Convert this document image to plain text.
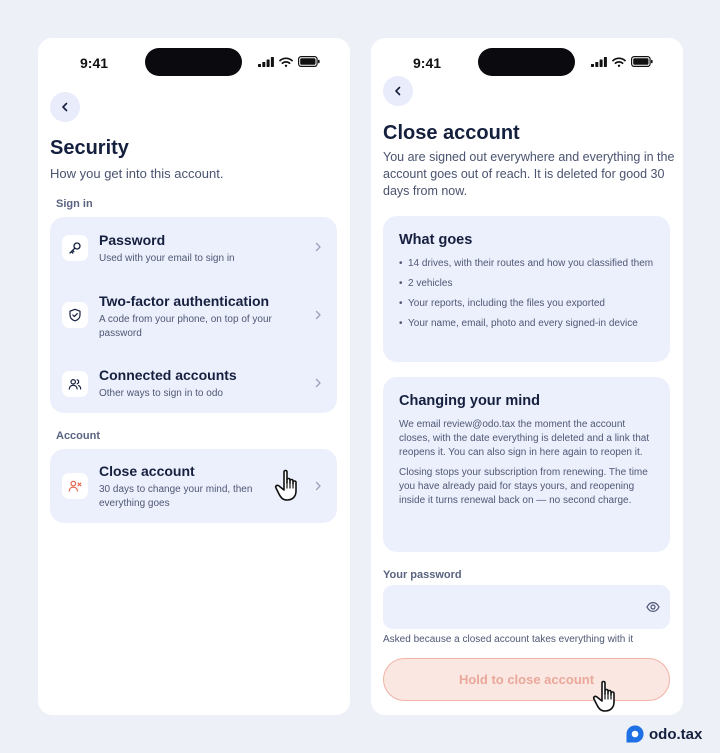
9:41
Security

How you get into this account.

Sign in
Password
Used with your email to sign in
Two-factor authentication
A code from your phone, on top of your password
Connected accounts
Other ways to sign in to odo
Account
Close account
30 days to change your mind, then everything goes
9:41
Close account

You are signed out everywhere and everything in the account goes out of reach. It is deleted for good 30 days from now.

What goes
• 14 drives, with their routes and how you classified them
• 2 vehicles
• Your reports, including the files you exported
• Your name, email, photo and every signed-in device
Changing your mind

We email review@odo.tax the moment the account closes, with the date everything is deleted and a link that reopens it. You can also sign in here again to reopen it.

Closing stops your subscription from renewing. The time you have already paid for stays yours, and reopening inside it turns renewal back on — no second charge.

Your password
Asked because a closed account takes everything with it
Hold to close account
odo.tax
